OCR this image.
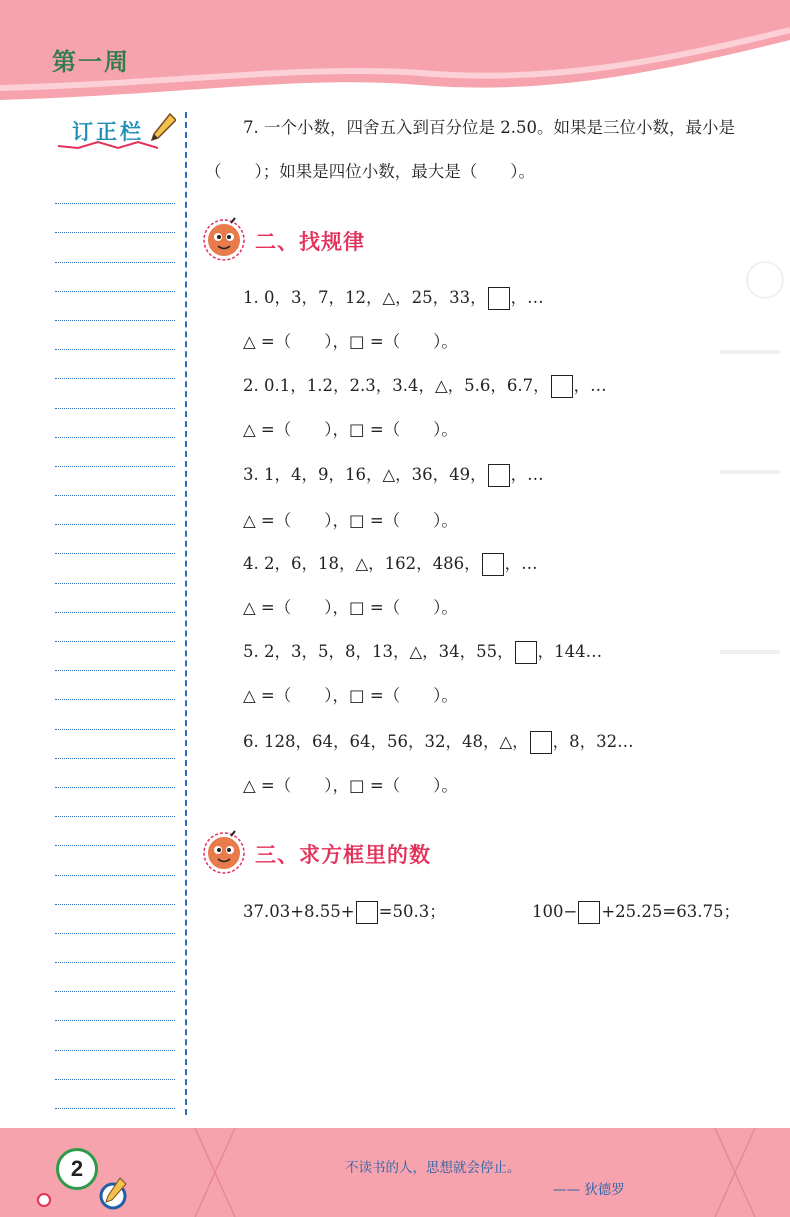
第一周
订正栏	7. 一个小数，四舍五入到百分位是 2.50。如果是三位小数，最小是
（　　）；如果是四位小数，最大是（　　）。
二、找规律
1. 0，3，7，12，△，25，33， ，…
△ =（　　），□ =（　　）。
2. 0.1，1.2，2.3，3.4，△，5.6，6.7， ，…
△ =（　　），□ =（　　）。
3. 1，4，9，16，△，36，49， ，…
△ =（　　），□ =（　　）。
4. 2，6，18，△，162，486， ，…
△ =（　　），□ =（　　）。
5. 2，3，5，8，13，△，34，55， ，144…
△ =（　　），□ =（　　）。
6. 128，64，64，56，32，48，△， ，8，32…
△ =（　　），□ =（　　）。
三、求方框里的数
37.03+8.55+ =50.3；	100− +25.25=63.75；
2	不读书的人，思想就会停止。
—— 狄德罗
